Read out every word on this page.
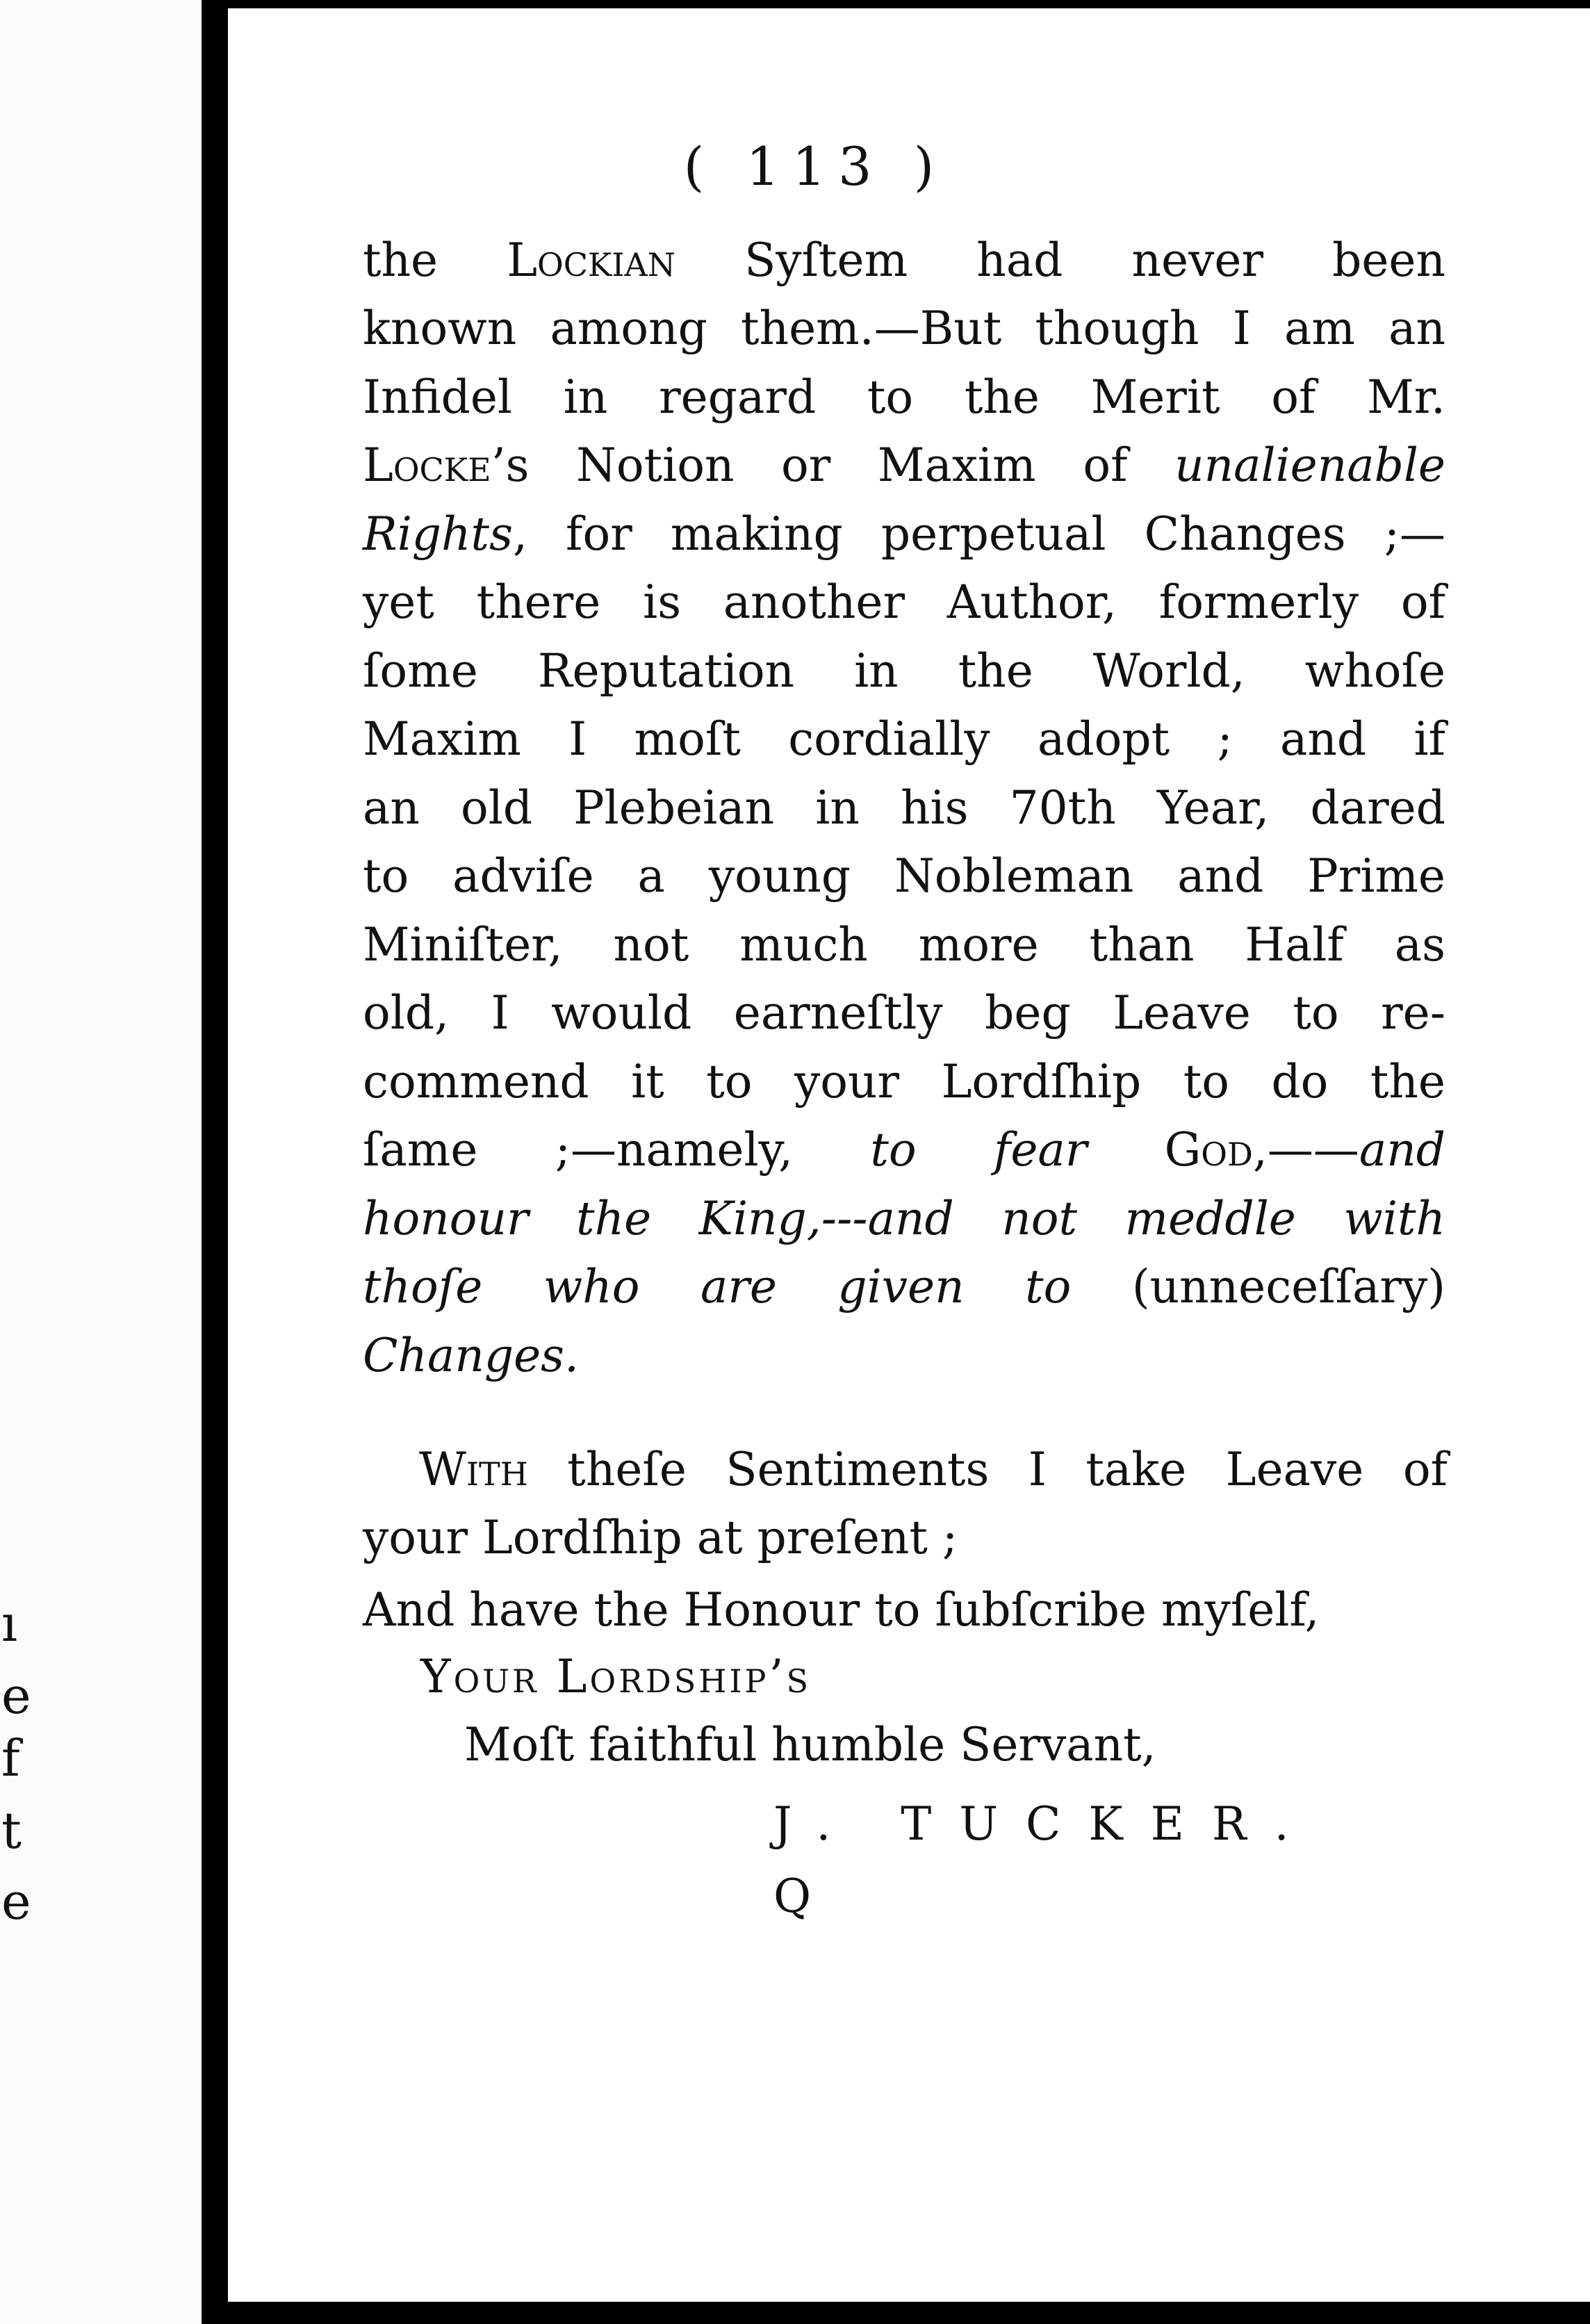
ı
e
f
t
e
( 113 )
the Lockian Syſtem had never been
known among them.—But though I am an
Infidel in regard to the Merit of Mr.
Locke’s Notion or Maxim of unalienable
Rights, for making perpetual Changes ;—
yet there is another Author, formerly of
ſome Reputation in the World, whoſe
Maxim I moſt cordially adopt ; and if
an old Plebeian in his 70th Year, dared
to adviſe a young Nobleman and Prime
Miniſter, not much more than Half as
old, I would earneſtly beg Leave to re-
commend it to your Lordſhip to do the
ſame ;—namely, to fear God,——and
honour the King,---and not meddle with
thoſe who are given to (unneceſſary)
Changes.
With theſe Sentiments I take Leave of
your Lordſhip at preſent ;
And have the Honour to ſubſcribe myſelf,
Your Lordship’s
Moſt faithful humble Servant,
J. TUCKER.
Q
